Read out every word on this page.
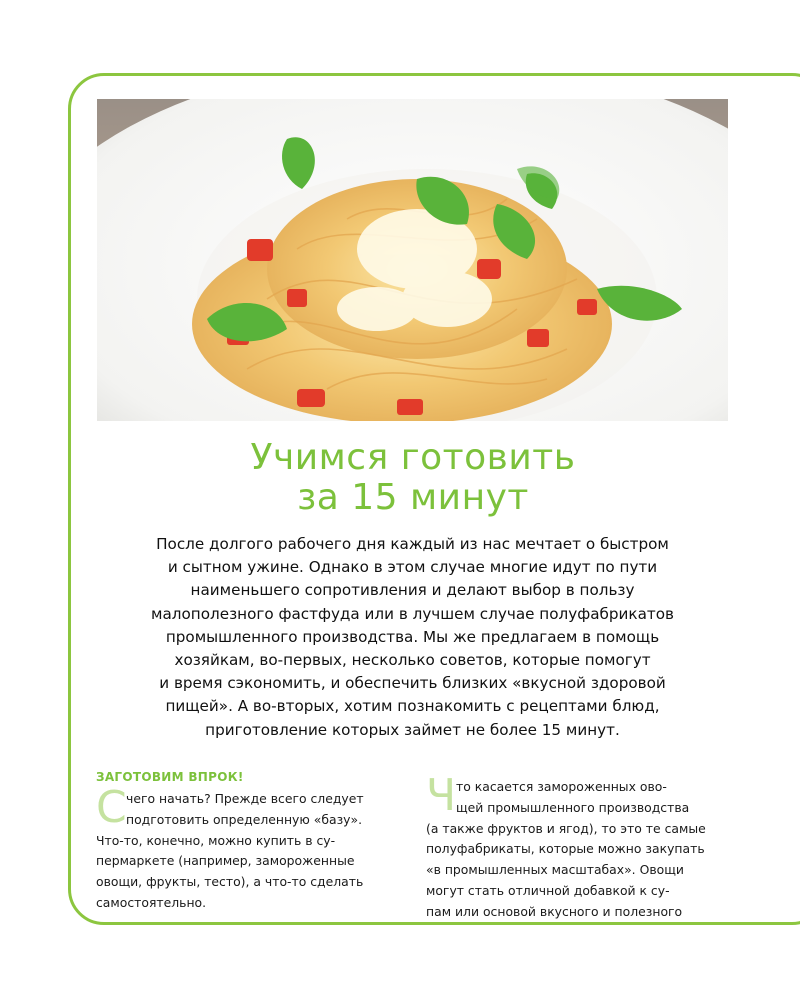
Учимся готовить
за 15 минут
После долгого рабочего дня каждый из нас мечтает о быстром
и сытном ужине. Однако в этом случае многие идут по пути
наименьшего сопротивления и делают выбор в пользу
малополезного фастфуда или в лучшем случае полуфабрикатов
промышленного производства. Мы же предлагаем в помощь
хозяйкам, во-первых, несколько советов, которые помогут
и время сэкономить, и обеспечить близких «вкусной здоровой
пищей». А во-вторых, хотим познакомить с рецептами блюд,
приготовление которых займет не более 15 минут.
ЗАГОТОВИМ ВПРОК!
С чего начать? Прежде всего следует
подготовить определенную «базу».
Что-то, конечно, можно купить в су-
пермаркете (например, замороженные
овощи, фрукты, тесто), а что-то сделать
самостоятельно.
Ч то касается замороженных ово-
щей промышленного производства
(а также фруктов и ягод), то это те самые
полуфабрикаты, которые можно закупать
«в промышленных масштабах». Овощи
могут стать отличной добавкой к су-
пам или основой вкусного и полезного
